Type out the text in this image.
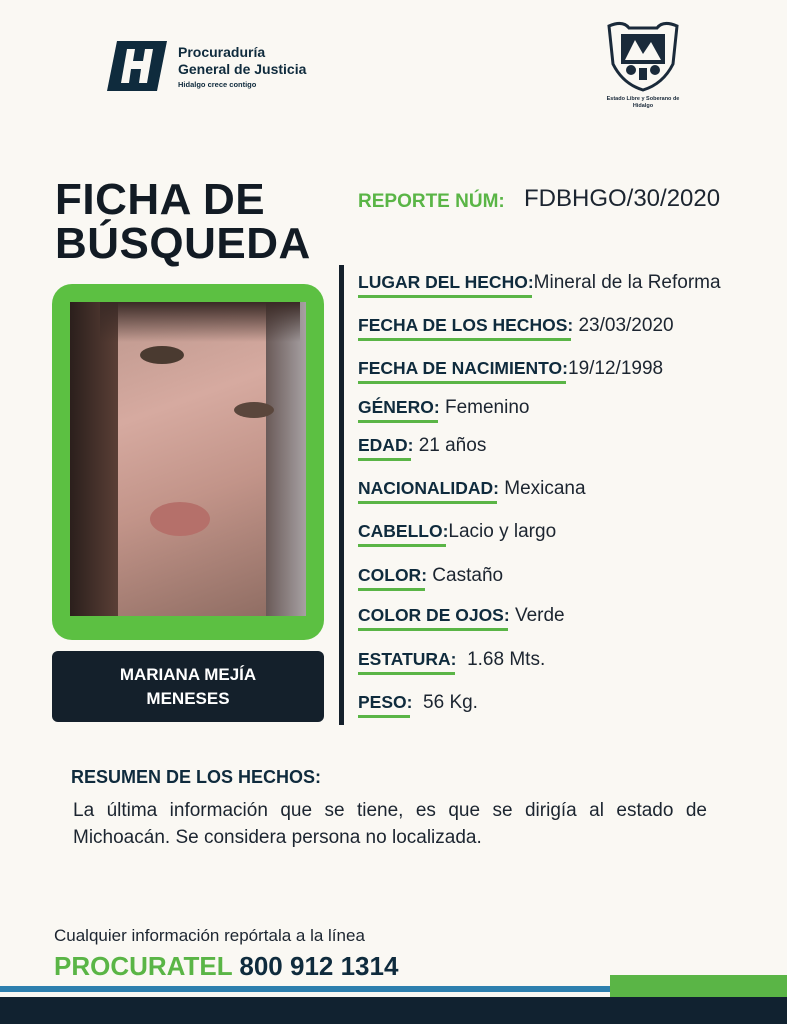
Procuraduría
General de Justicia
Hidalgo crece contigo
Estado Libre y Soberano de Hidalgo
FICHA DE
BÚSQUEDA
REPORTE NÚM: FDBHGO/30/2020
MARIANA MEJÍA MENESES
LUGAR DEL HECHO:Mineral de la Reforma
FECHA DE LOS HECHOS: 23/03/2020
FECHA DE NACIMIENTO:19/12/1998
GÉNERO: Femenino
EDAD: 21 años
NACIONALIDAD: Mexicana
CABELLO:Lacio y largo
COLOR: Castaño
COLOR DE OJOS: Verde
ESTATURA:  1.68 Mts.
PESO:  56 Kg.
RESUMEN DE LOS HECHOS:
La última información que se tiene, es que se dirigía al estado de Michoacán. Se considera persona no localizada.
Cualquier información repórtala a la línea
PROCURATEL 800 912 1314
